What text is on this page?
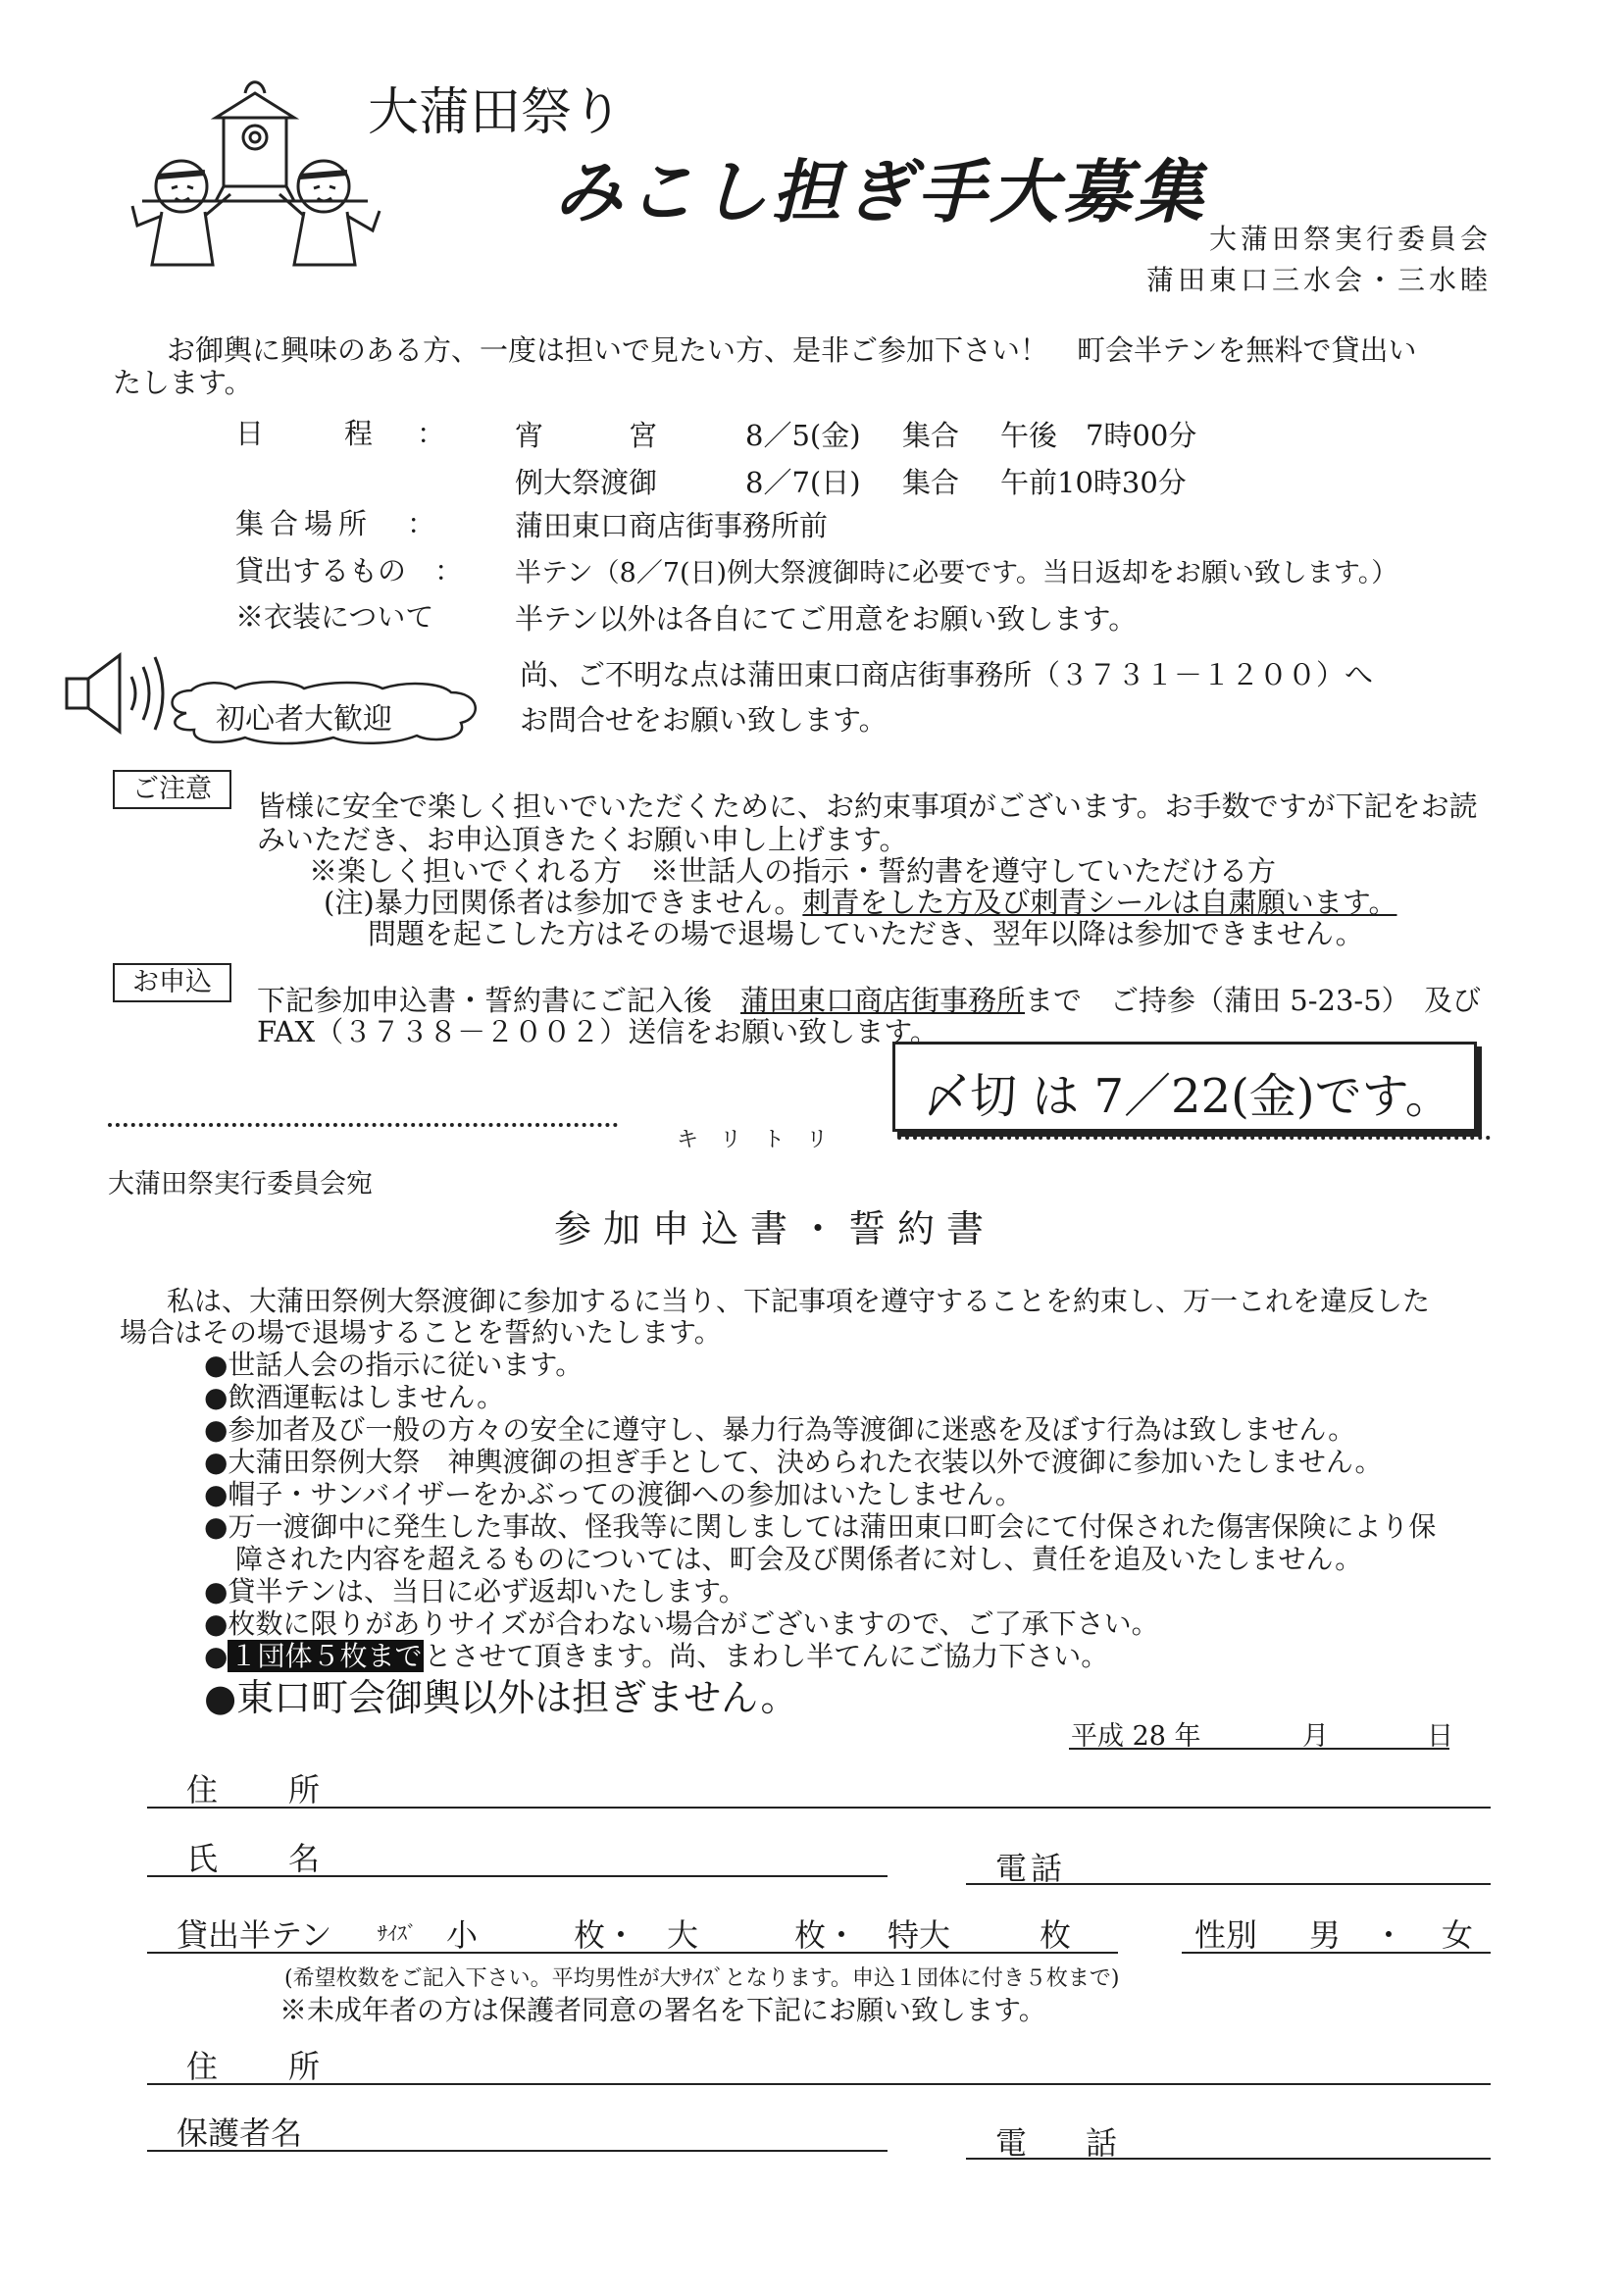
大蒲田祭り
みこし担ぎ手大募集
大蒲田祭実行委員会
蒲田東口三水会・三水睦
お御輿に興味のある方、一度は担いで見たい方、是非ご参加下さい！　町会半テンを無料で貸出い
たします。
日　　程　： 宵　　　宮	8／5(金) 集合 午後　7時00分
例大祭渡御	8／7(日) 集合 午前10時30分
集合場所　：	蒲田東口商店街事務所前
貸出するもの　： 半テン（8／7(日)例大祭渡御時に必要です。当日返却をお願い致します。）
※衣装について	半テン以外は各自にてご用意をお願い致します。
尚、ご不明な点は蒲田東口商店街事務所（３７３１－１２００）へ
お問合せをお願い致します。
初心者大歓迎
ご注意
皆様に安全で楽しく担いでいただくために、お約束事項がございます。お手数ですが下記をお読
みいただき、お申込頂きたくお願い申し上げます。
※楽しく担いでくれる方　※世話人の指示・誓約書を遵守していただける方
(注)暴力団関係者は参加できません。刺青をした方及び刺青シールは自粛願います。
問題を起こした方はその場で退場していただき、翌年以降は参加できません。
お申込
下記参加申込書・誓約書にご記入後　蒲田東口商店街事務所まで　ご持参（蒲田 5-23-5）　及び
FAX（３７３８－２００２）送信をお願い致します。
〆切 は 7／22(金)です。
キ　リ　ト　リ
大蒲田祭実行委員会宛
参加申込書・誓約書
私は、大蒲田祭例大祭渡御に参加するに当り、下記事項を遵守することを約束し、万一これを違反した
場合はその場で退場することを誓約いたします。
●世話人会の指示に従います。
●飲酒運転はしません。
●参加者及び一般の方々の安全に遵守し、暴力行為等渡御に迷惑を及ぼす行為は致しません。
●大蒲田祭例大祭　神輿渡御の担ぎ手として、決められた衣装以外で渡御に参加いたしません。
●帽子・サンバイザーをかぶっての渡御への参加はいたしません。
●万一渡御中に発生した事故、怪我等に関しましては蒲田東口町会にて付保された傷害保険により保
障された内容を超えるものについては、町会及び関係者に対し、責任を追及いたしません。
●貸半テンは、当日に必ず返却いたします。
●枚数に限りがありサイズが合わない場合がございますので、ご了承下さい。
●１団体５枚までとさせて頂きます。尚、まわし半てんにご協力下さい。
●東口町会御輿以外は担ぎません。
平成 28 年	月	日
住　所
氏　名	電話
貸出半テン ｻｲｽﾞ 小	枚・ 大	枚・ 特大	枚	性別 男 ・ 女
(希望枚数をご記入下さい。平均男性が大ｻｲｽﾞとなります。申込１団体に付き５枚まで)
※未成年者の方は保護者同意の署名を下記にお願い致します。
住　所
保護者名	電　話
